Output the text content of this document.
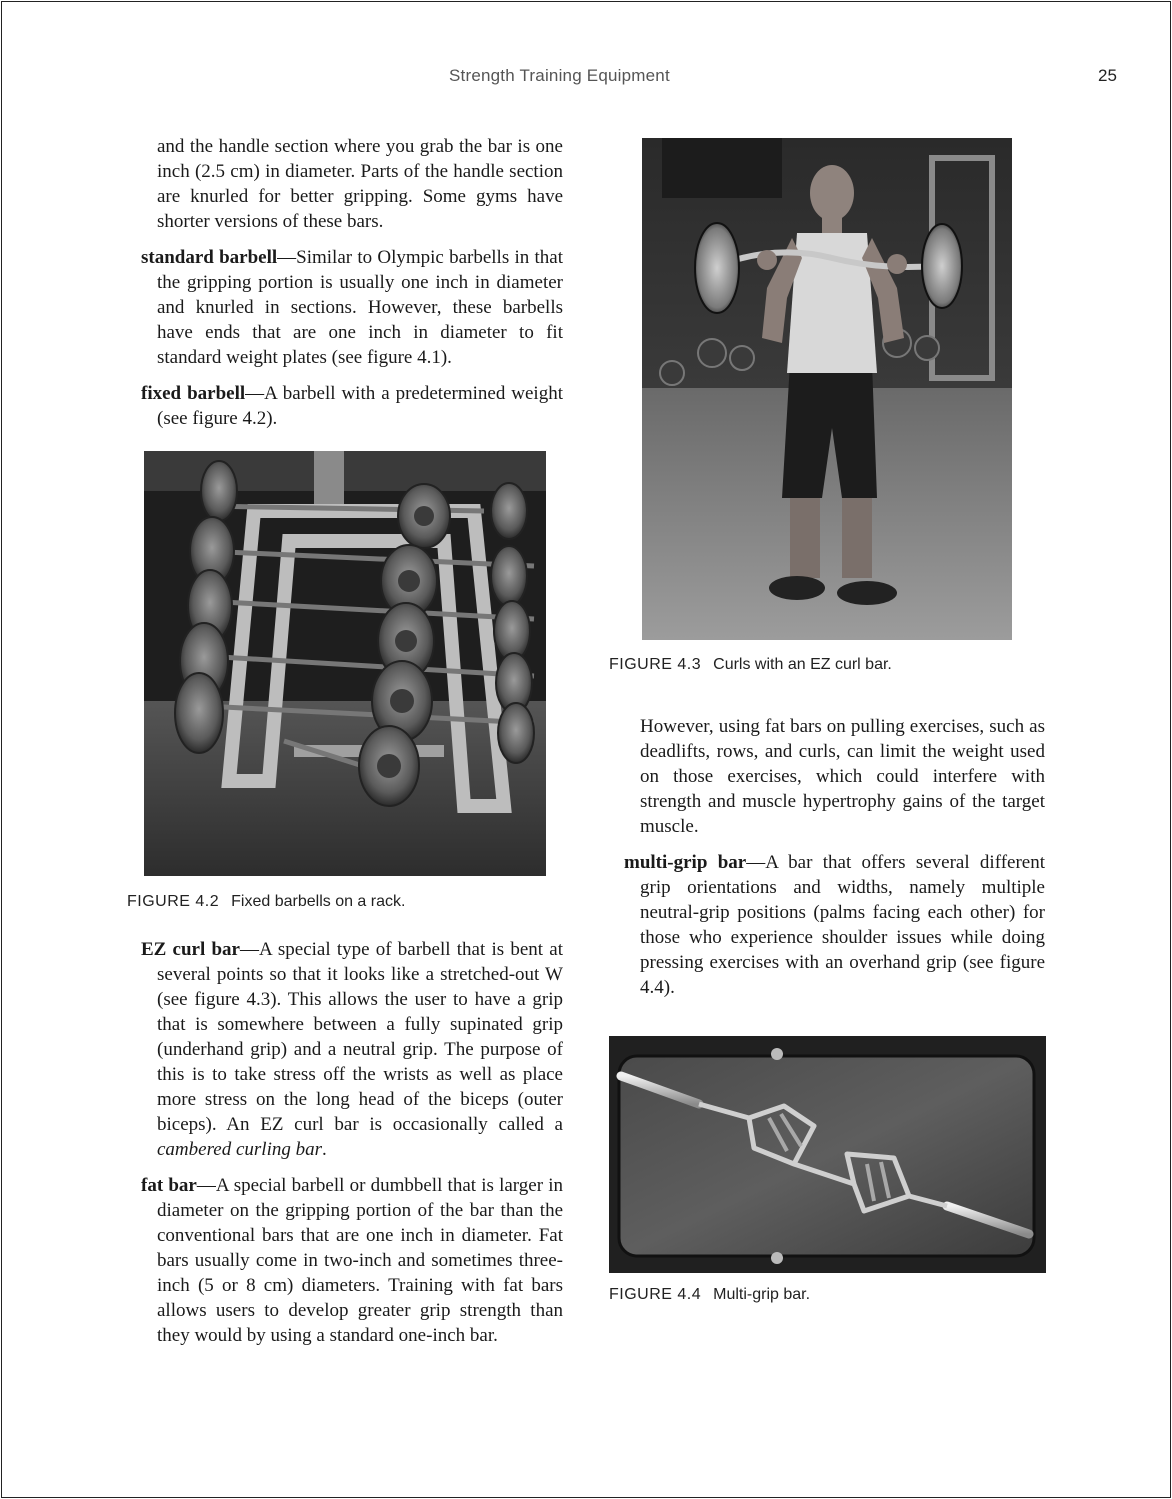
Strength Training Equipment	25

and the handle section where you grab the bar is one inch (2.5 cm) in diameter. Parts of the handle section are knurled for better gripping. Some gyms have shorter versions of these bars.

standard barbell—Similar to Olympic barbells in that the gripping portion is usually one inch in diameter and knurled in sections. However, these barbells have ends that are one inch in diameter to fit standard weight plates (see figure 4.1).

fixed barbell—A barbell with a predetermined weight (see figure 4.2).

FIGURE 4.2 Fixed barbells on a rack.

EZ curl bar—A special type of barbell that is bent at several points so that it looks like a stretched-out W (see figure 4.3). This allows the user to have a grip that is somewhere between a fully supinated grip (underhand grip) and a neutral grip. The purpose of this is to take stress off the wrists as well as place more stress on the long head of the biceps (outer biceps). An EZ curl bar is occasionally called a cambered curling bar.

fat bar—A special barbell or dumbbell that is larger in diameter on the gripping portion of the bar than the conventional bars that are one inch in diameter. Fat bars usually come in two-inch and sometimes three-inch (5 or 8 cm) diameters. Training with fat bars allows users to develop greater grip strength than they would by using a standard one-inch bar.

FIGURE 4.3 Curls with an EZ curl bar.

However, using fat bars on pulling exercises, such as deadlifts, rows, and curls, can limit the weight used on those exercises, which could interfere with strength and muscle hypertrophy gains of the target muscle.

multi-grip bar—A bar that offers several different grip orientations and widths, namely multiple neutral-grip positions (palms facing each other) for those who experience shoulder issues while doing pressing exercises with an overhand grip (see figure 4.4).

FIGURE 4.4 Multi-grip bar.
